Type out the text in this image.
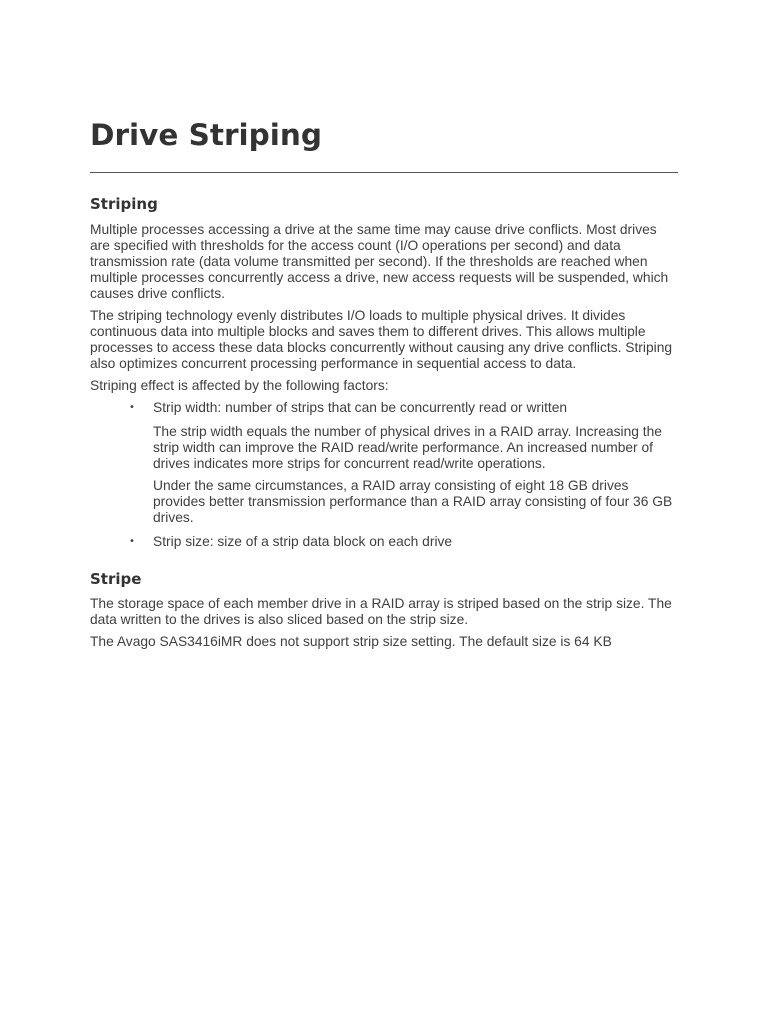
Drive Striping
Striping

Multiple processes accessing a drive at the same time may cause drive conflicts. Most drives are specified with thresholds for the access count (I/O operations per second) and data transmission rate (data volume transmitted per second). If the thresholds are reached when multiple processes concurrently access a drive, new access requests will be suspended, which causes drive conflicts.

The striping technology evenly distributes I/O loads to multiple physical drives. It divides continuous data into multiple blocks and saves them to different drives. This allows multiple processes to access these data blocks concurrently without causing any drive conflicts. Striping also optimizes concurrent processing performance in sequential access to data.

Striping effect is affected by the following factors:

• Strip width: number of strips that can be concurrently read or written

The strip width equals the number of physical drives in a RAID array. Increasing the strip width can improve the RAID read/write performance. An increased number of drives indicates more strips for concurrent read/write operations.

Under the same circumstances, a RAID array consisting of eight 18 GB drives provides better transmission performance than a RAID array consisting of four 36 GB drives.

• Strip size: size of a strip data block on each drive
Stripe

The storage space of each member drive in a RAID array is striped based on the strip size. The data written to the drives is also sliced based on the strip size.

The Avago SAS3416iMR does not support strip size setting. The default size is 64 KB
